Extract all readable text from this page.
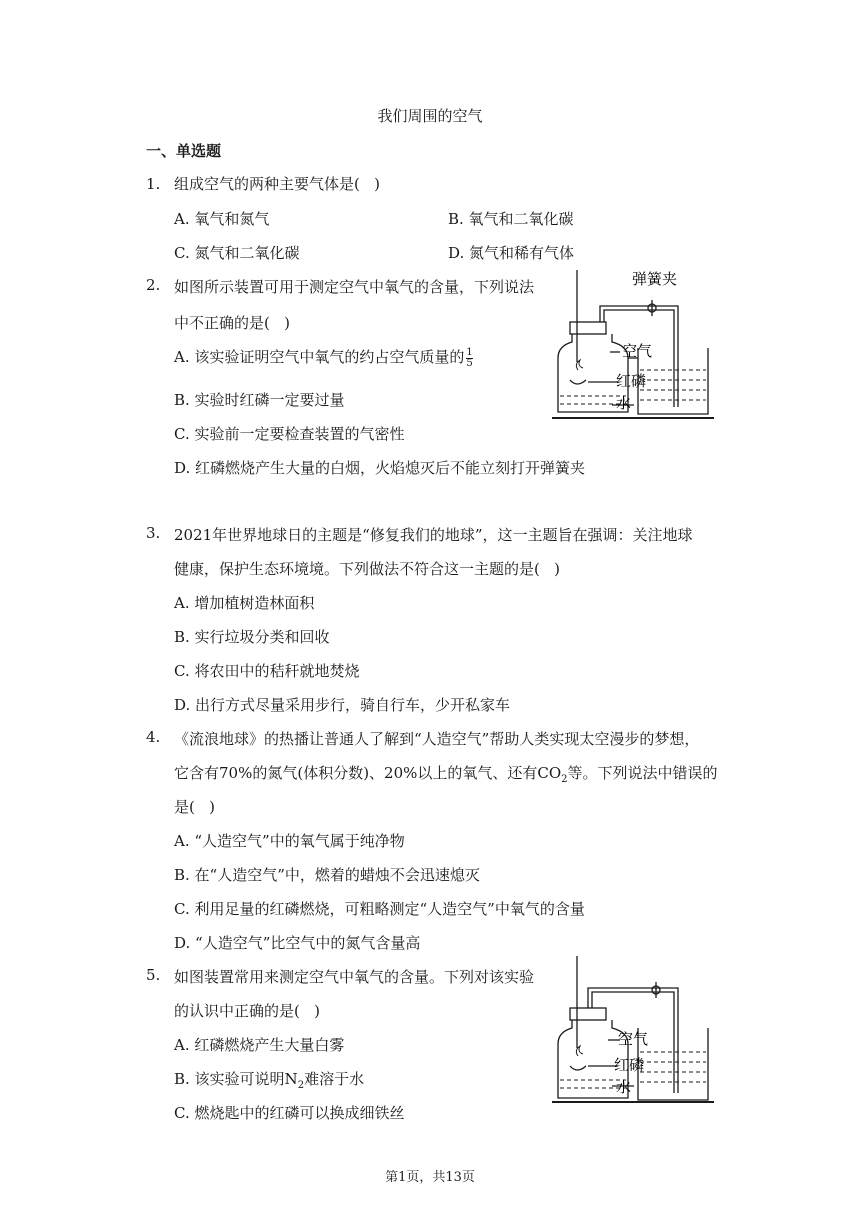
我们周围的空气
一、单选题
1. 组成空气的两种主要气体是(   )
A. 氧气和氮气	B. 氧气和二氧化碳
C. 氮气和二氧化碳	D. 氮气和稀有气体
2. 如图所示装置可用于测定空气中氧气的含量，下列说法
中不正确的是(   )
A. 该实验证明空气中氧气的约占空气质量的 $\frac{1}{5}$
B. 实验时红磷一定要过量
C. 实验前一定要检查装置的气密性
D. 红磷燃烧产生大量的白烟，火焰熄灭后不能立刻打开弹簧夹
弹簧夹
空气
红磷
水
3. 2021年世界地球日的主题是“修复我们的地球”，这一主题旨在强调：关注地球
健康，保护生态环境境。下列做法不符合这一主题的是(   )
A. 增加植树造林面积
B. 实行垃圾分类和回收
C. 将农田中的秸秆就地焚烧
D. 出行方式尽量采用步行，骑自行车，少开私家车
4. 《流浪地球》的热播让普通人了解到“人造空气”帮助人类实现太空漫步的梦想，
它含有70%的氮气(体积分数)、20%以上的氧气、还有$CO_2$等。下列说法中错误的
是(   )
A. “人造空气”中的氧气属于纯净物
B. 在“人造空气”中，燃着的蜡烛不会迅速熄灭
C. 利用足量的红磷燃烧，可粗略测定“人造空气”中氧气的含量
D. “人造空气”比空气中的氮气含量高
5. 如图装置常用来测定空气中氧气的含量。下列对该实验
的认识中正确的是(   )
A. 红磷燃烧产生大量白雾
B. 该实验可说明$N_2$难溶于水
C. 燃烧匙中的红磷可以换成细铁丝
空气
红磷
水
第1页，共13页
